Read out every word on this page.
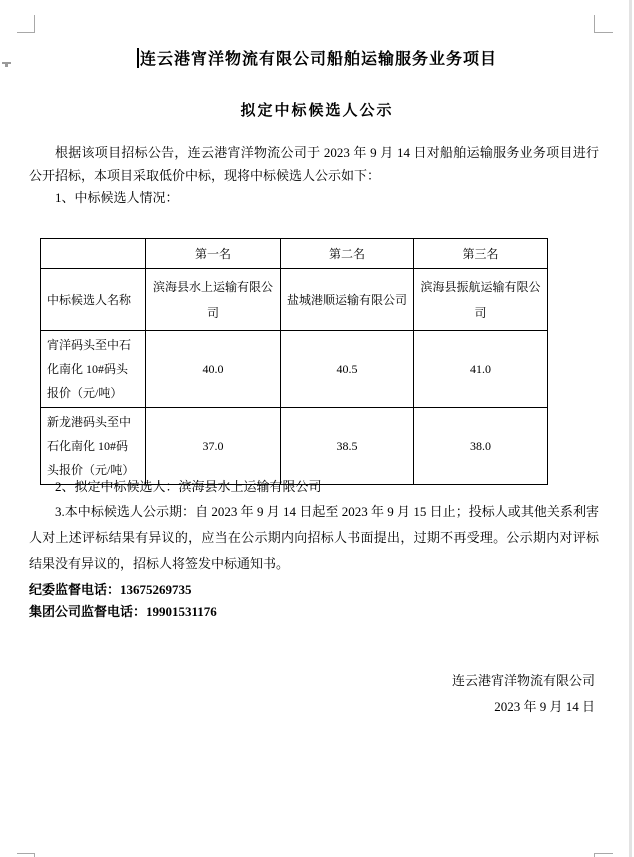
连云港宵洋物流有限公司船舶运输服务业务项目
拟定中标候选人公示
根据该项目招标公告，连云港宵洋物流公司于 2023 年 9 月 14 日对船舶运输服务业务项目进行公开招标，本项目采取低价中标，现将中标候选人公示如下：
1、中标候选人情况：
	第一名	第二名	第三名
中标候选人名称	滨海县水上运输有限公司	盐城港顺运输有限公司	滨海县振航运输有限公司
宵洋码头至中石化南化 10#码头报价（元/吨）	40.0	40.5	41.0
新龙港码头至中石化南化 10#码头报价（元/吨）	37.0	38.5	38.0
2、拟定中标候选人：滨海县水上运输有限公司
3.本中标候选人公示期：自 2023 年 9 月 14 日起至 2023 年 9 月 15 日止；投标人或其他关系利害人对上述评标结果有异议的，应当在公示期内向招标人书面提出，过期不再受理。公示期内对评标结果没有异议的，招标人将签发中标通知书。
纪委监督电话：13675269735
集团公司监督电话：19901531176
连云港宵洋物流有限公司
2023 年 9 月 14 日
